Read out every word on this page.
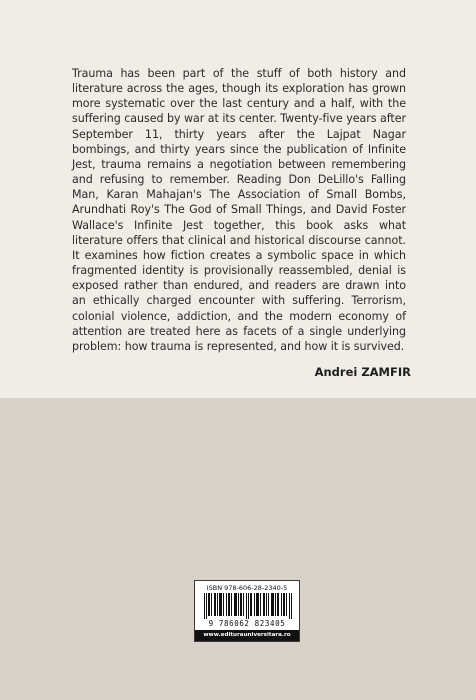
Trauma has been part of the stuff of both history and literature across the ages, though its exploration has grown more systematic over the last century and a half, with the suffering caused by war at its center. Twenty-five years after September 11, thirty years after the Lajpat Nagar bombings, and thirty years since the publication of Infinite Jest, trauma remains a negotiation between remembering and refusing to remember. Reading Don DeLillo's Falling Man, Karan Mahajan's The Association of Small Bombs, Arundhati Roy's The God of Small Things, and David Foster Wallace's Infinite Jest together, this book asks what literature offers that clinical and historical discourse cannot. It examines how fiction creates a symbolic space in which fragmented identity is provisionally reassembled, denial is exposed rather than endured, and readers are drawn into an ethically charged encounter with suffering. Terrorism, colonial violence, addiction, and the modern economy of attention are treated here as facets of a single underlying problem: how trauma is represented, and how it is survived.

Andrei ZAMFIR
ISBN 978-606-28-2340-5
9 786062 823405
www.editurauniversitara.ro
